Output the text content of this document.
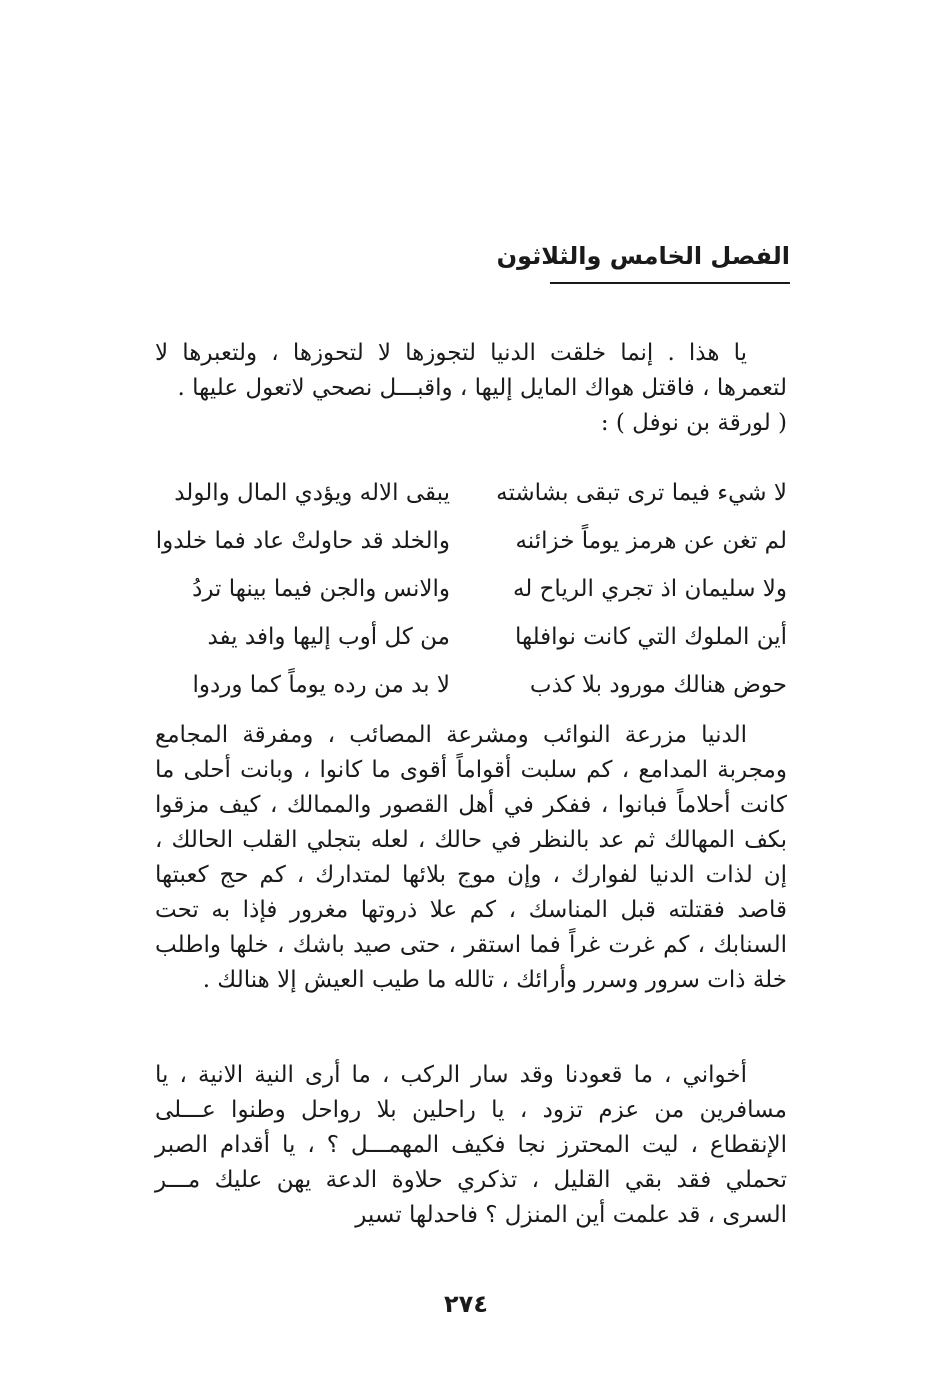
الفصل الخامس والثلاثون
يا هذا . إنما خلقت الدنيا لتجوزها لا لتحوزها ، ولتعبرها لا لتعمرها ، فاقتل هواك المايل إليها ، واقبـــل نصحي لاتعول عليها .
( لورقة بن نوفل ) :
لا شيء فيما ترى تبقى بشاشته
يبقى الاله ويؤدي المال والولد
لم تغن عن هرمز يوماً خزائنه
والخلد قد حاولتْ عاد فما خلدوا
ولا سليمان اذ تجري الرياح له
والانس والجن فيما بينها تردُ
أين الملوك التي كانت نوافلها
من كل أوب إليها وافد يفد
حوض هنالك مورود بلا كذب
لا بد من رده يوماً كما وردوا
الدنيا مزرعة النوائب ومشرعة المصائب ، ومفرقة المجامع ومجربة المدامع ، كم سلبت أقواماً أقوى ما كانوا ، وبانت أحلى ما كانت أحلاماً فبانوا ، ففكر في أهل القصور والممالك ، كيف مزقوا بكف المهالك ثم عد بالنظر في حالك ، لعله بتجلي القلب الحالك ، إن لذات الدنيا لفوارك ، وإن موج بلائها لمتدارك ، كم حج كعبتها قاصد فقتلته قبل المناسك ، كم علا ذروتها مغرور فإذا به تحت السنابك ، كم غرت غراً فما استقر ، حتى صيد باشك ، خلها واطلب خلة ذات سرور وسرر وأرائك ، تالله ما طيب العيش إلا هنالك .
أخواني ، ما قعودنا وقد سار الركب ، ما أرى النية الانية ، يا مسافرين من عزم تزود ، يا راحلين بلا رواحل وطنوا عـــلى الإنقطاع ، ليت المحترز نجا فكيف المهمـــل ؟ ، يا أقدام الصبر تحملي فقد بقي القليل ، تذكري حلاوة الدعة يهن عليك مـــر السرى ، قد علمت أين المنزل ؟ فاحدلها تسير
٢٧٤
